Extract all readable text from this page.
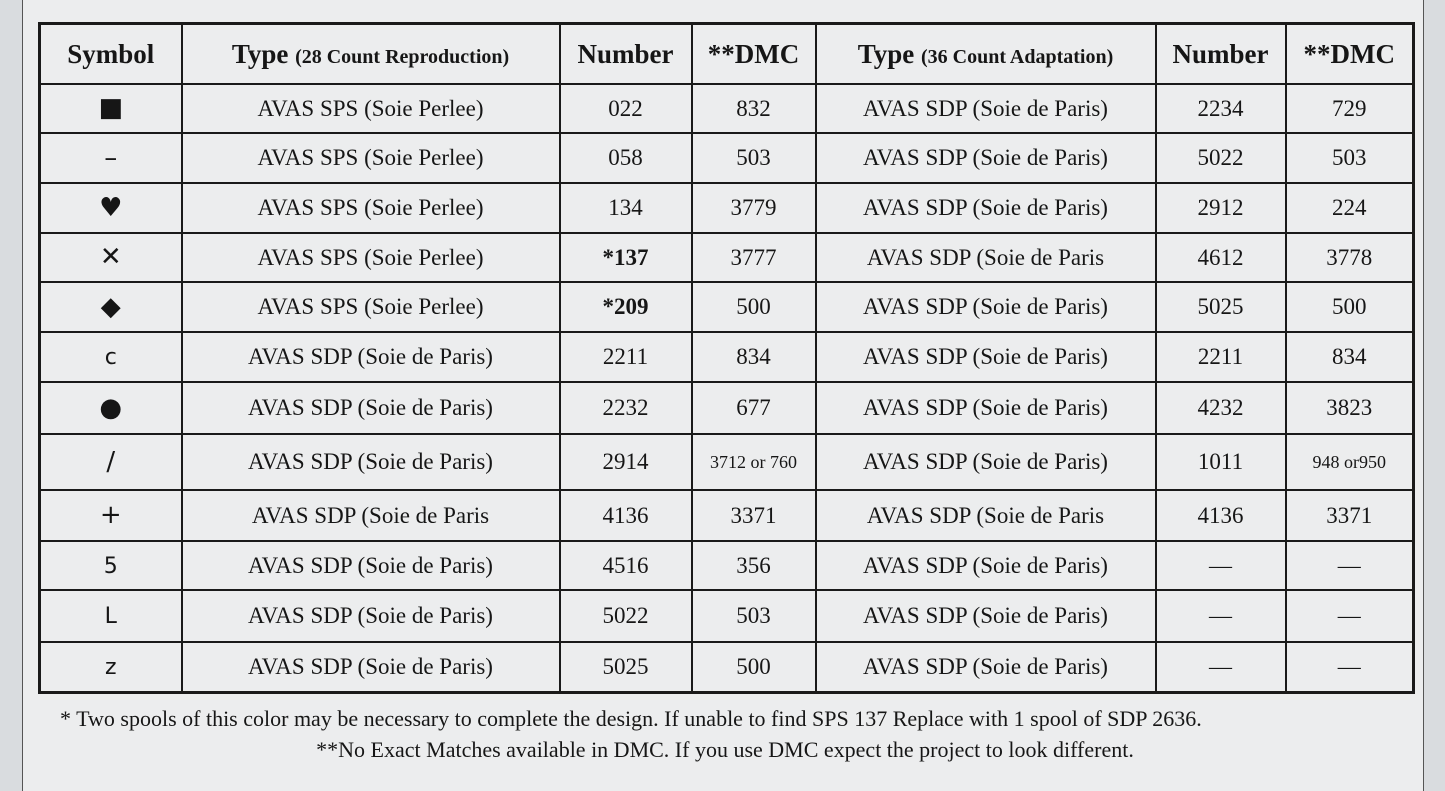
Symbol	Type (28 Count Reproduction)	Number	**DMC	Type (36 Count Adaptation)	Number	**DMC
■	AVAS SPS (Soie Perlee)	022	832	AVAS SDP (Soie de Paris)	2234	729
–	AVAS SPS (Soie Perlee)	058	503	AVAS SDP (Soie de Paris)	5022	503
♥	AVAS SPS (Soie Perlee)	134	3779	AVAS SDP (Soie de Paris)	2912	224
✕	AVAS SPS (Soie Perlee)	*137	3777	AVAS SDP (Soie de Paris	4612	3778
◆	AVAS SPS (Soie Perlee)	*209	500	AVAS SDP (Soie de Paris)	5025	500
c	AVAS SDP (Soie de Paris)	2211	834	AVAS SDP (Soie de Paris)	2211	834
●	AVAS SDP (Soie de Paris)	2232	677	AVAS SDP (Soie de Paris)	4232	3823
/	AVAS SDP (Soie de Paris)	2914	3712 or 760	AVAS SDP (Soie de Paris)	1011	948 or950
+	AVAS SDP (Soie de Paris	4136	3371	AVAS SDP (Soie de Paris	4136	3371
5	AVAS SDP (Soie de Paris)	4516	356	AVAS SDP (Soie de Paris)	—	—
L	AVAS SDP (Soie de Paris)	5022	503	AVAS SDP (Soie de Paris)	—	—
z	AVAS SDP (Soie de Paris)	5025	500	AVAS SDP (Soie de Paris)	—	—

* Two spools of this color may be necessary to complete the design. If unable to find SPS 137 Replace with 1 spool of SDP 2636.

**No Exact Matches available in DMC. If you use DMC expect the project to look different.
